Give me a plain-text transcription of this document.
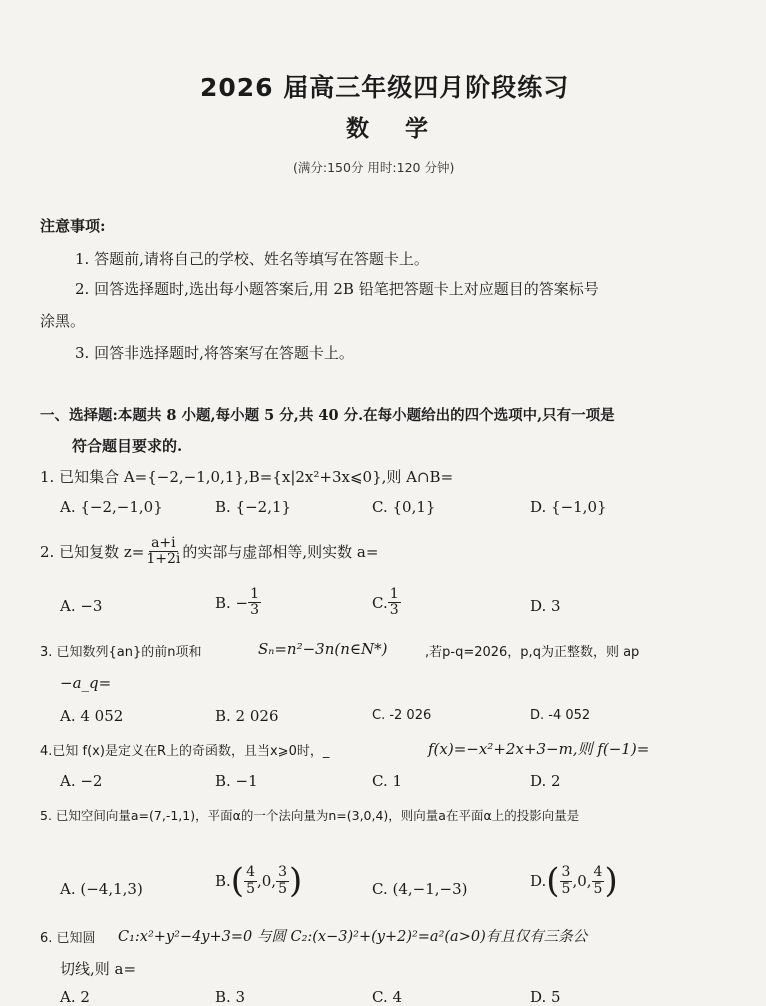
2026 届高三年级四月阶段练习
数 学
(满分:150分 用时:120 分钟)
注意事项:
1. 答题前,请将自己的学校、姓名等填写在答题卡上。
2. 回答选择题时,选出每小题答案后,用 2B 铅笔把答题卡上对应题目的答案标号
涂黑。
3. 回答非选择题时,将答案写在答题卡上。
一、选择题:本题共 8 小题,每小题 5 分,共 40 分.在每小题给出的四个选项中,只有一项是
符合题目要求的.
1. 已知集合 A={−2,−1,0,1},B={x|2x²+3x⩽0},则 A∩B=
A. {−2,−1,0}	B. {−2,1}	C. {0,1}	D. {−1,0}
2. 已知复数 $z= \frac{a+i}{1+2i}$ 的实部与虚部相等,则实数 a=
A. −3	B. − $\frac{1}{3}$	C. $\frac{1}{3}$	D. 3
3. 已知数列{an}的前n项和	Sₙ=n²−3n(n∈N*)	,若p-q=2026，p,q为正整数，则 ap
−a_q=
A. 4 052	B. 2 026	C. -2 026	D. -4 052
4.已知 f(x)是定义在R上的奇函数，且当x⩾0时，_	f(x)=−x²+2x+3−m,则 f(−1)=
A. −2	B. −1	C. 1	D. 2
5. 已知空间向量a=(7,-1,1)，平面α的一个法向量为n=(3,0,4)，则向量a在平面α上的投影向量是
A. (−4,1,3)	B. ( $\frac{4}{5} ,0$, $\frac{3}{5}$ )	C. (4,−1,−3)	D. ( $\frac{3}{5} ,0$, $\frac{4}{5}$ )
6. 已知圆 C₁:x²+y²−4y+3=0 与圆 C₂:(x−3)²+(y+2)²=a²(a>0)有且仅有三条公
切线,则 a=
A. 2	B. 3	C. 4	D. 5
